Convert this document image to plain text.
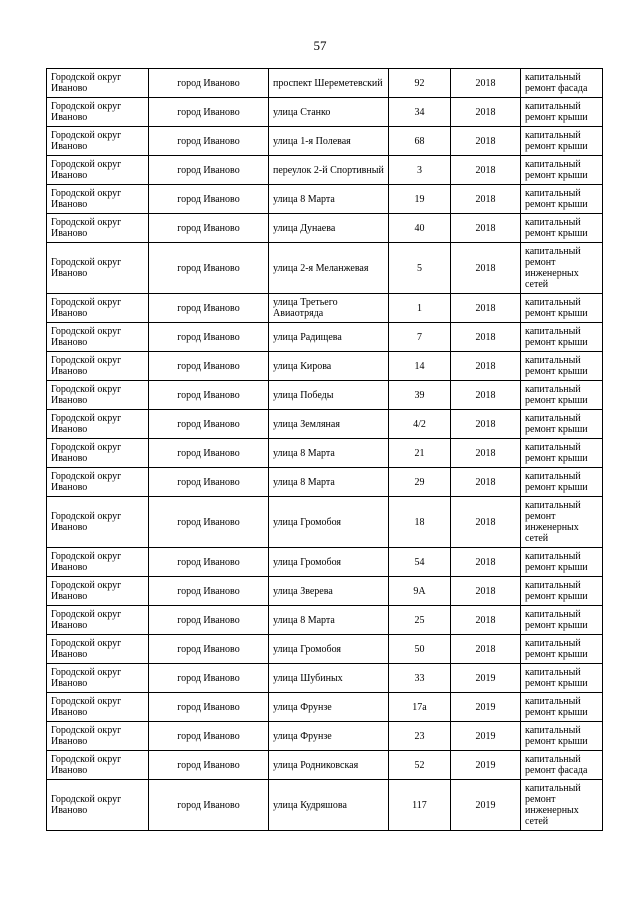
57
Городской округ Иваново	город Иваново	проспект Шереметевский	92	2018	капитальный ремонт фасада
Городской округ Иваново	город Иваново	улица Станко	34	2018	капитальный ремонт крыши
Городской округ Иваново	город Иваново	улица 1-я Полевая	68	2018	капитальный ремонт крыши
Городской округ Иваново	город Иваново	переулок 2-й Спортивный	3	2018	капитальный ремонт крыши
Городской округ Иваново	город Иваново	улица 8 Марта	19	2018	капитальный ремонт крыши
Городской округ Иваново	город Иваново	улица Дунаева	40	2018	капитальный ремонт крыши
Городской округ Иваново	город Иваново	улица 2-я Меланжевая	5	2018	капитальный ремонт инженерных сетей
Городской округ Иваново	город Иваново	улица Третьего Авиаотряда	1	2018	капитальный ремонт крыши
Городской округ Иваново	город Иваново	улица Радищева	7	2018	капитальный ремонт крыши
Городской округ Иваново	город Иваново	улица Кирова	14	2018	капитальный ремонт крыши
Городской округ Иваново	город Иваново	улица Победы	39	2018	капитальный ремонт крыши
Городской округ Иваново	город Иваново	улица Земляная	4/2	2018	капитальный ремонт крыши
Городской округ Иваново	город Иваново	улица 8 Марта	21	2018	капитальный ремонт крыши
Городской округ Иваново	город Иваново	улица 8 Марта	29	2018	капитальный ремонт крыши
Городской округ Иваново	город Иваново	улица Громобоя	18	2018	капитальный ремонт инженерных сетей
Городской округ Иваново	город Иваново	улица Громобоя	54	2018	капитальный ремонт крыши
Городской округ Иваново	город Иваново	улица Зверева	9А	2018	капитальный ремонт крыши
Городской округ Иваново	город Иваново	улица 8 Марта	25	2018	капитальный ремонт крыши
Городской округ Иваново	город Иваново	улица Громобоя	50	2018	капитальный ремонт крыши
Городской округ Иваново	город Иваново	улица Шубиных	33	2019	капитальный ремонт крыши
Городской округ Иваново	город Иваново	улица Фрунзе	17а	2019	капитальный ремонт крыши
Городской округ Иваново	город Иваново	улица Фрунзе	23	2019	капитальный ремонт крыши
Городской округ Иваново	город Иваново	улица Родниковская	52	2019	капитальный ремонт фасада
Городской округ Иваново	город Иваново	улица Кудряшова	117	2019	капитальный ремонт инженерных сетей
